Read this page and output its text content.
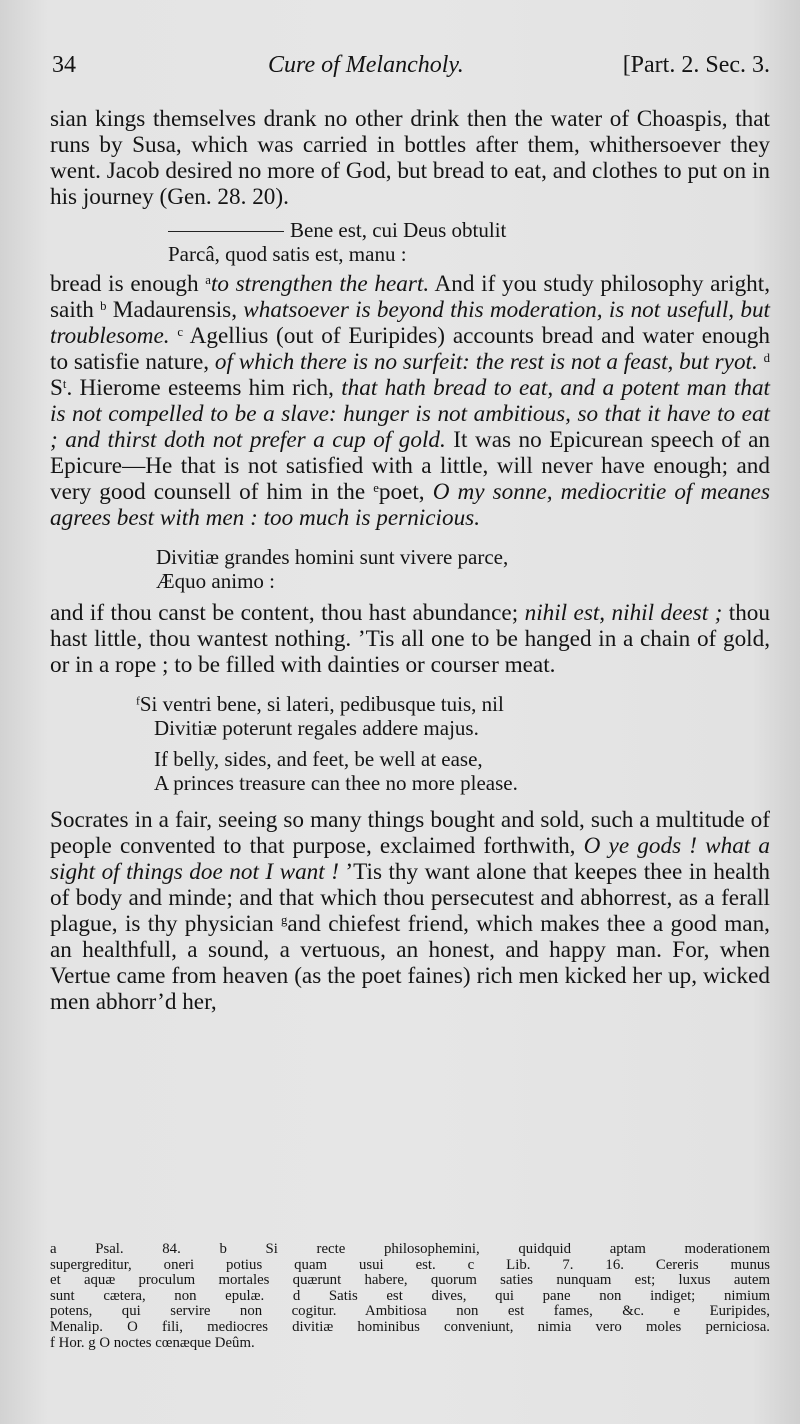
34	Cure of Melancholy.	[Part. 2. Sec. 3.

sian kings themselves drank no other drink then the water of Choaspis, that runs by Susa, which was carried in bottles after them, whithersoever they went. Jacob desired no more of God, but bread to eat, and clothes to put on in his journey (Gen. 28. 20).

Bene est, cui Deus obtulit
Parcâ, quod satis est, manu :

bread is enough $^a$to strengthen the heart. And if you study philosophy aright, saith $^b$ Madaurensis, whatsoever is beyond this moderation, is not usefull, but troublesome. $^c$ Agellius (out of Euripides) accounts bread and water enough to satisfie nature, of which there is no surfeit: the rest is not a feast, but ryot. $^d$ $S^t$. Hierome esteems him rich, that hath bread to eat, and a potent man that is not compelled to be a slave: hunger is not ambitious, so that it have to eat ; and thirst doth not prefer a cup of gold. It was no Epicurean speech of an Epicure—He that is not satisfied with a little, will never have enough; and very good counsell of him in the $^e$poet, O my sonne, mediocritie of meanes agrees best with men : too much is pernicious.

Divitiæ grandes homini sunt vivere parce,
Æquo animo :

and if thou canst be content, thou hast abundance; nihil est, nihil deest ; thou hast little, thou wantest nothing. ’Tis all one to be hanged in a chain of gold, or in a rope ; to be filled with dainties or courser meat.

$^f$Si ventri bene, si lateri, pedibusque tuis, nil
Divitiæ poterunt regales addere majus.
If belly, sides, and feet, be well at ease,
A princes treasure can thee no more please.

Socrates in a fair, seeing so many things bought and sold, such a multitude of people convented to that purpose, exclaimed forthwith, O ye gods ! what a sight of things doe not I want ! ’Tis thy want alone that keepes thee in health of body and minde; and that which thou persecutest and abhorrest, as a ferall plague, is thy physician $^g$and chiefest friend, which makes thee a good man, an healthfull, a sound, a vertuous, an honest, and happy man. For, when Vertue came from heaven (as the poet faines) rich men kicked her up, wicked men abhorr’d her,

a Psal. 84. b Si recte philosophemini, quidquid aptam moderationem

supergreditur, oneri potius quam usui est. c Lib. 7. 16. Cereris munus

et aquæ proculum mortales quærunt habere, quorum saties nunquam est; luxus autem

sunt cætera, non epulæ. d Satis est dives, qui pane non indiget; nimium

potens, qui servire non cogitur. Ambitiosa non est fames, &c. e Euripides,

Menalip. O fili, mediocres divitiæ hominibus conveniunt, nimia vero moles perniciosa.

f Hor. g O noctes cœnæque Deûm.
